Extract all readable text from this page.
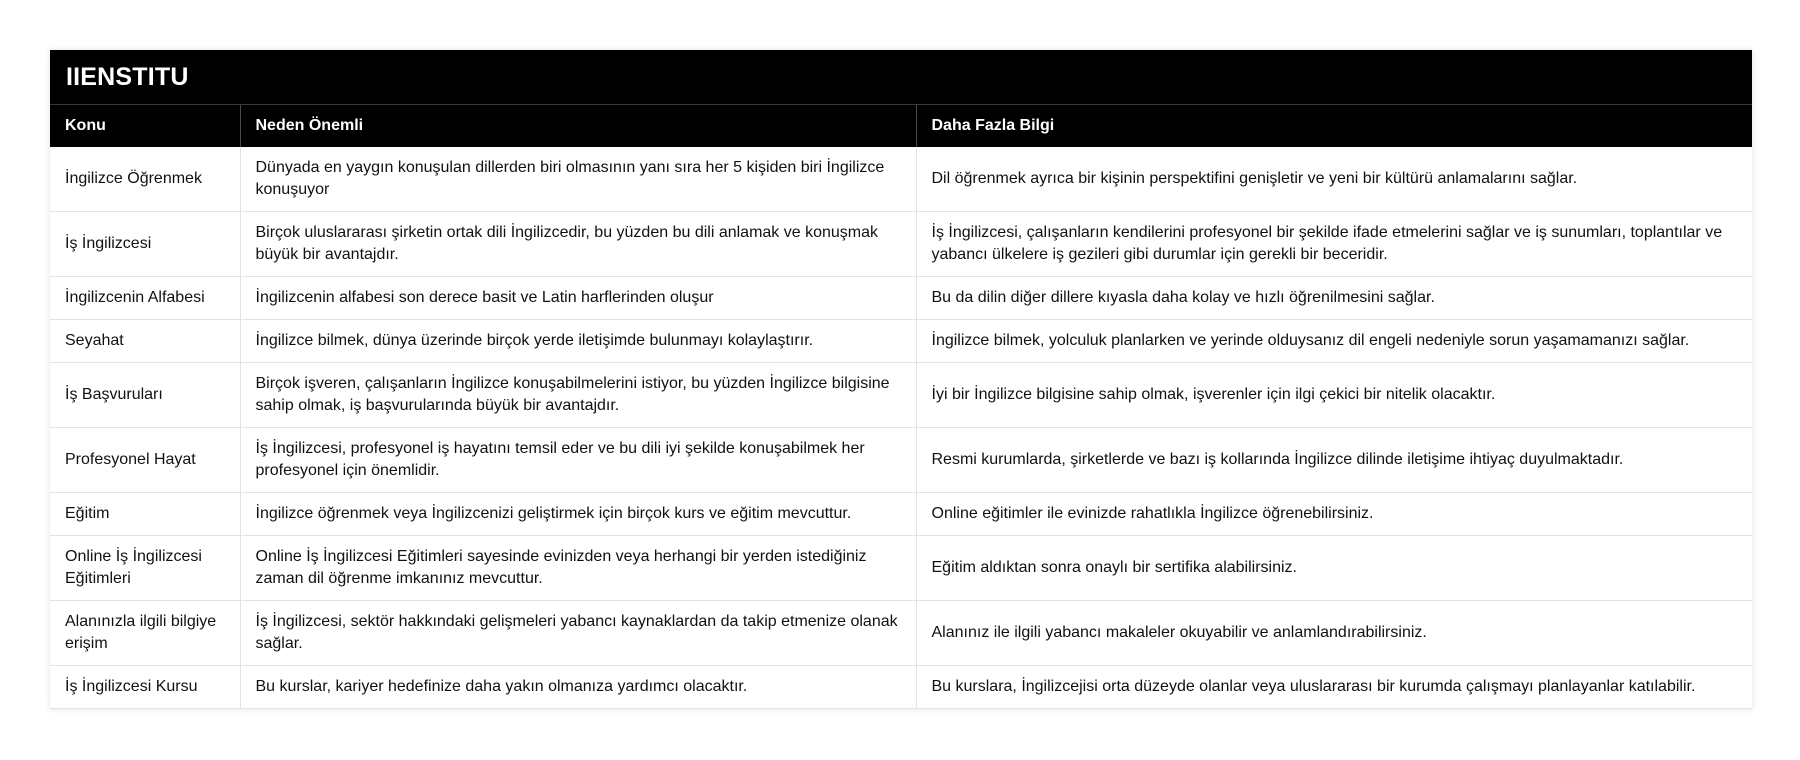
IIENSTITU
Konu	Neden Önemli	Daha Fazla Bilgi
İngilizce Öğrenmek	Dünyada en yaygın konuşulan dillerden biri olmasının yanı sıra her 5 kişiden biri İngilizce konuşuyor	Dil öğrenmek ayrıca bir kişinin perspektifini genişletir ve yeni bir kültürü anlamalarını sağlar.
İş İngilizcesi	Birçok uluslararası şirketin ortak dili İngilizcedir, bu yüzden bu dili anlamak ve konuşmak büyük bir avantajdır.	İş İngilizcesi, çalışanların kendilerini profesyonel bir şekilde ifade etmelerini sağlar ve iş sunumları, toplantılar ve yabancı ülkelere iş gezileri gibi durumlar için gerekli bir beceridir.
İngilizcenin Alfabesi	İngilizcenin alfabesi son derece basit ve Latin harflerinden oluşur	Bu da dilin diğer dillere kıyasla daha kolay ve hızlı öğrenilmesini sağlar.
Seyahat	İngilizce bilmek, dünya üzerinde birçok yerde iletişimde bulunmayı kolaylaştırır.	İngilizce bilmek, yolculuk planlarken ve yerinde olduysanız dil engeli nedeniyle sorun yaşamamanızı sağlar.
İş Başvuruları	Birçok işveren, çalışanların İngilizce konuşabilmelerini istiyor, bu yüzden İngilizce bilgisine sahip olmak, iş başvurularında büyük bir avantajdır.	İyi bir İngilizce bilgisine sahip olmak, işverenler için ilgi çekici bir nitelik olacaktır.
Profesyonel Hayat	İş İngilizcesi, profesyonel iş hayatını temsil eder ve bu dili iyi şekilde konuşabilmek her profesyonel için önemlidir.	Resmi kurumlarda, şirketlerde ve bazı iş kollarında İngilizce dilinde iletişime ihtiyaç duyulmaktadır.
Eğitim	İngilizce öğrenmek veya İngilizcenizi geliştirmek için birçok kurs ve eğitim mevcuttur.	Online eğitimler ile evinizde rahatlıkla İngilizce öğrenebilirsiniz.
Online İş İngilizcesi Eğitimleri	Online İş İngilizcesi Eğitimleri sayesinde evinizden veya herhangi bir yerden istediğiniz zaman dil öğrenme imkanınız mevcuttur.	Eğitim aldıktan sonra onaylı bir sertifika alabilirsiniz.
Alanınızla ilgili bilgiye erişim	İş İngilizcesi, sektör hakkındaki gelişmeleri yabancı kaynaklardan da takip etmenize olanak sağlar.	Alanınız ile ilgili yabancı makaleler okuyabilir ve anlamlandırabilirsiniz.
İş İngilizcesi Kursu	Bu kurslar, kariyer hedefinize daha yakın olmanıza yardımcı olacaktır.	Bu kurslara, İngilizcejisi orta düzeyde olanlar veya uluslararası bir kurumda çalışmayı planlayanlar katılabilir.
